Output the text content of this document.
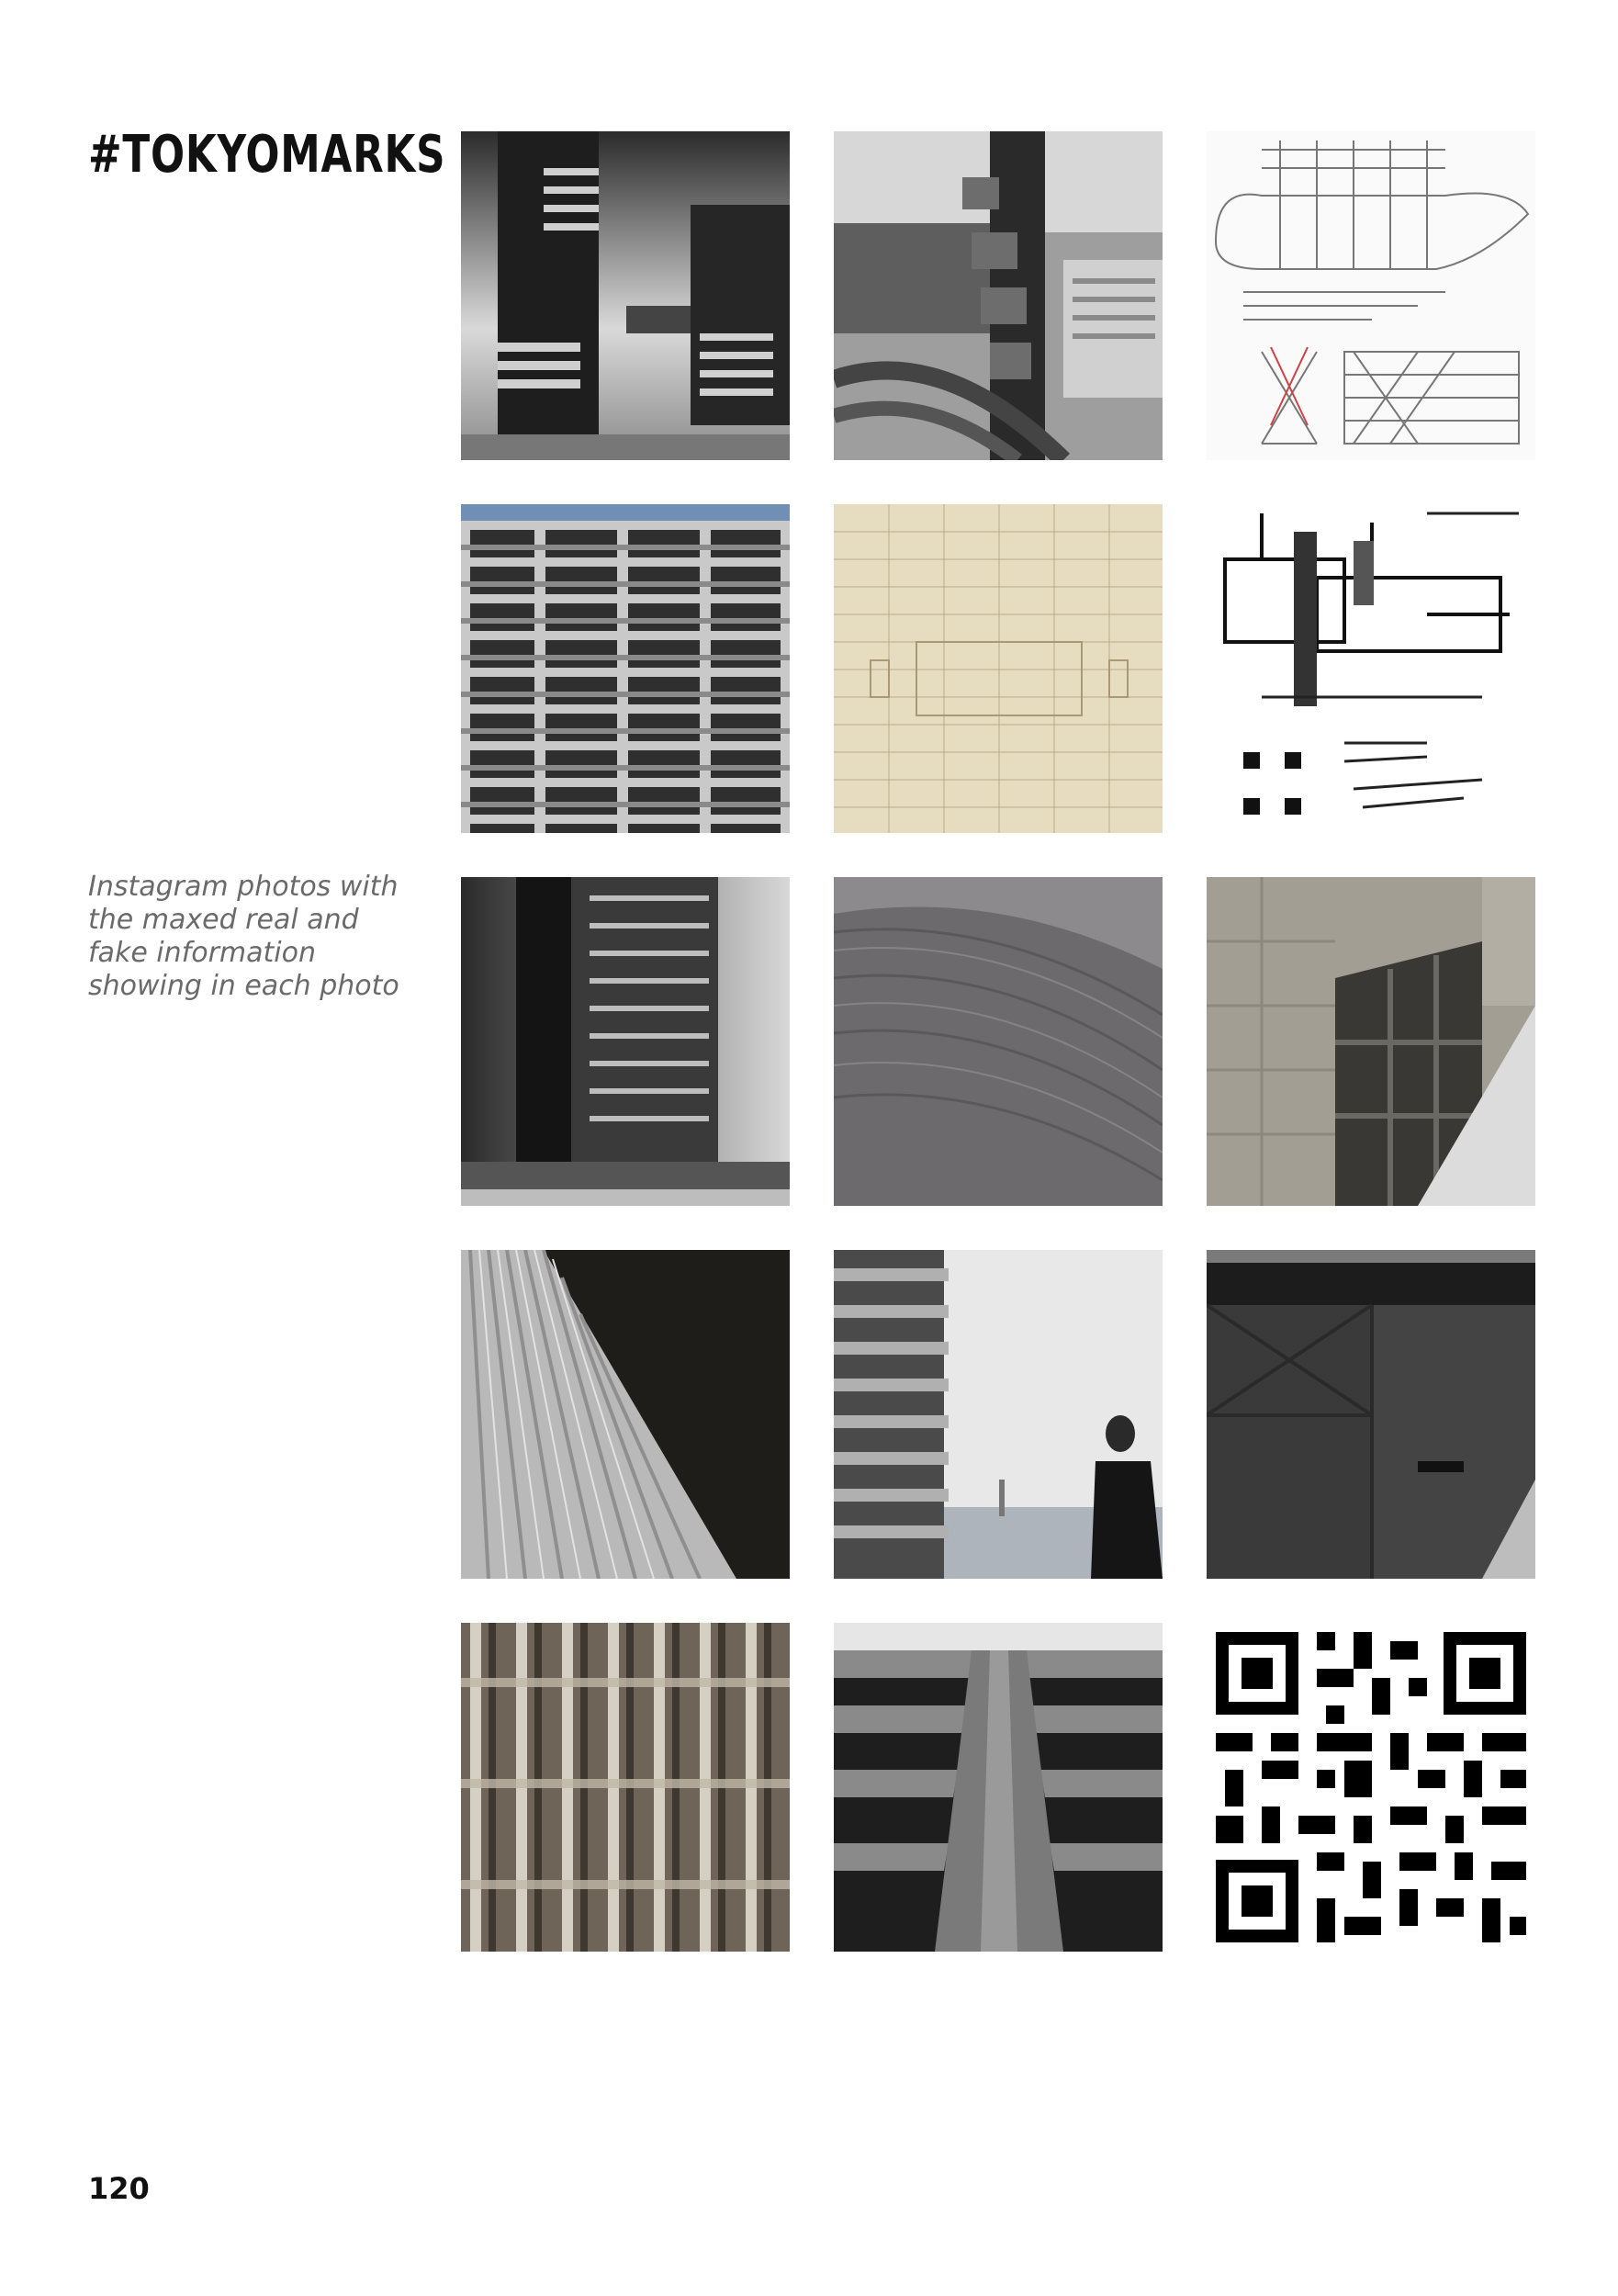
#TOKYOMARKS
Instagram photos with the maxed real and fake information showing in each photo
120
